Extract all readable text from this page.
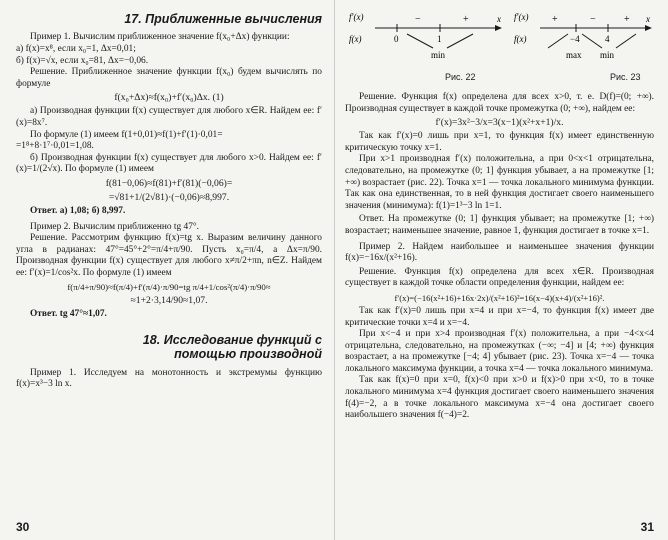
17. Приближенные вычисления

Пример 1. Вычислим приближенное значение f(x₀+Δx) функции:

а) f(x)=x⁸, если x₀=1, Δx=0,01;

б) f(x)=√x, если x₀=81, Δx=−0,06.

Решение. Приближенное значение функции f(x₀) будем вычислять по формуле

f(x₀+Δx)≈f(x₀)+f′(x₀)Δx. (1)

а) Производная функции f(x) существует для любого x∈R. Найдем ее: f′(x)=8x⁷.

По формуле (1) имеем f(1+0,01)≈f(1)+f′(1)·0,01=

=1⁸+8·1⁷·0,01=1,08.

б) Производная функции f(x) существует для любого x>0. Найдем ее: f′(x)=1/(2√x). По формуле (1) имеем

f(81−0,06)≈f(81)+f′(81)(−0,06)=
=√81+1/(2√81)·(−0,06)≈8,997.

Ответ. а) 1,08; б) 8,997.

Пример 2. Вычислим приближенно tg 47°.

Решение. Рассмотрим функцию f(x)=tg x. Выразим величину данного угла в радианах: 47°=45°+2°=π/4+π/90. Пусть x₀=π/4, а Δx=π/90. Производная функции f(x) существует для любого x≠π/2+πn, n∈Z. Найдем ее: f′(x)=1/cos²x. По формуле (1) имеем

f(π/4+π/90)≈f(π/4)+f′(π/4)·π/90=tg π/4+1/cos²(π/4)·π/90≈
≈1+2·3,14/90≈1,07.

Ответ. tg 47°≈1,07.

18. Исследование функций с помощью производной

Пример 1. Исследуем на монотонность и экстремумы функцию f(x)=x³−3 ln x.

30
f′(x)
f(x)
x
−	+
0	1
min
Рис. 22
f′(x)
f(x)
x
+	−	+
−4	4
max min
Рис. 23

Решение. Функция f(x) определена для всех x>0, т. е. D(f)=(0; +∞). Производная существует в каждой точке промежутка (0; +∞), найдем ее:

f′(x)=3x²−3/x=3(x−1)(x²+x+1)/x.

Так как f′(x)=0 лишь при x=1, то функция f(x) имеет единственную критическую точку x=1.

При x>1 производная f′(x) положительна, а при 0<x<1 отрицательна, следовательно, на промежутке (0; 1] функция убывает, а на промежутке [1; +∞) возрастает (рис. 22). Точка x=1 — точка локального минимума функции. Так как она единственная, то в ней функция достигает своего наименьшего значения (минимума): f(1)=1³−3 ln 1=1.

Ответ. На промежутке (0; 1] функция убывает; на промежутке [1; +∞) возрастает; наименьшее значение, равное 1, функция достигает в точке x=1.

Пример 2. Найдем наибольшее и наименьшее значения функции f(x)=−16x/(x²+16).

Решение. Функция f(x) определена для всех x∈R. Производная существует в каждой точке области определения функции, найдем ее:

f′(x)=(−16(x²+16)+16x·2x)/(x²+16)²=16(x−4)(x+4)/(x²+16)².

Так как f′(x)=0 лишь при x=4 и при x=−4, то функция f(x) имеет две критические точки x=4 и x=−4.

При x<−4 и при x>4 производная f′(x) положительна, а при −4<x<4 отрицательна, следовательно, на промежутках (−∞; −4] и [4; +∞) функция возрастает, а на промежутке [−4; 4] убывает (рис. 23). Точка x=−4 — точка локального максимума функции, а точка x=4 — точка локального минимума.

Так как f(x)=0 при x=0, f(x)<0 при x>0 и f(x)>0 при x<0, то в точке локального минимума x=4 функция достигает своего наименьшего значения f(4)=−2, а в точке локального максимума x=−4 она достигает своего наибольшего значения f(−4)=2.

31
